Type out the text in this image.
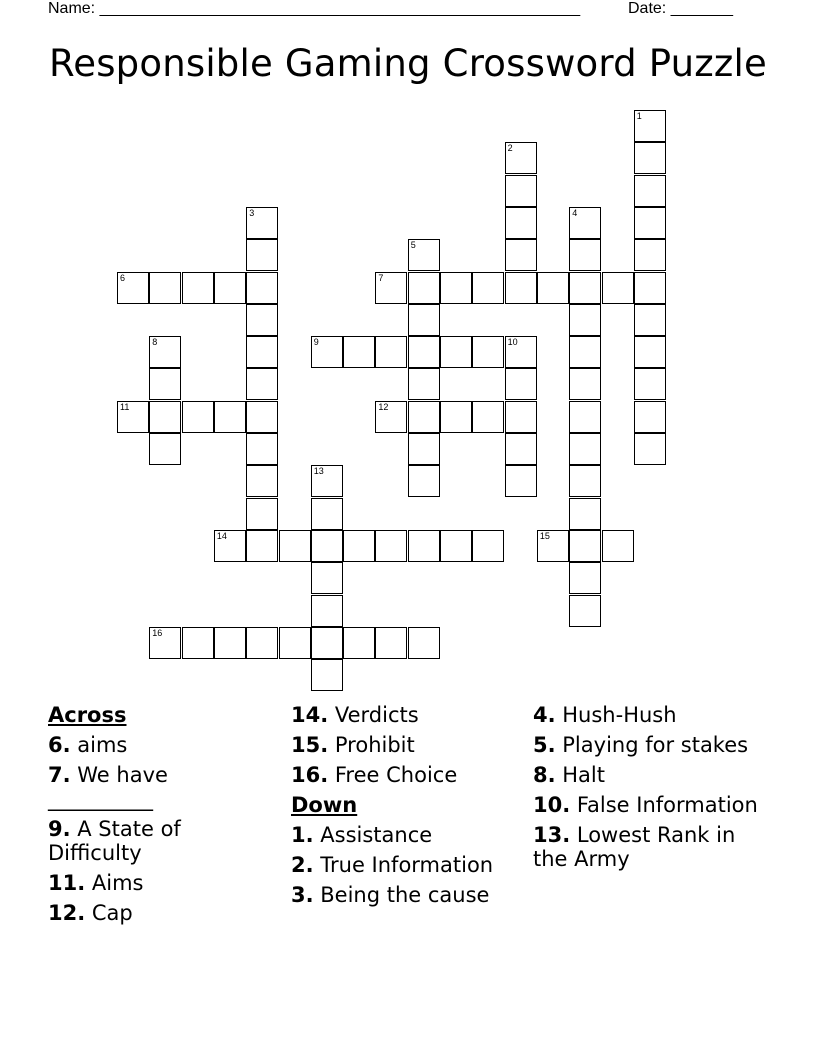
Name: ______________________________________________________	Date: _______
Responsible Gaming Crossword Puzzle
1
2
3	4
5
6	7
8	9	10
11	12
13
14	15
16
Across
6. aims
7. We have __________
9. A State of Difficulty
11. Aims
12. Cap
14. Verdicts
15. Prohibit
16. Free Choice
Down
1. Assistance
2. True Information
3. Being the cause
4. Hush-Hush
5. Playing for stakes
8. Halt
10. False Information
13. Lowest Rank in the Army
